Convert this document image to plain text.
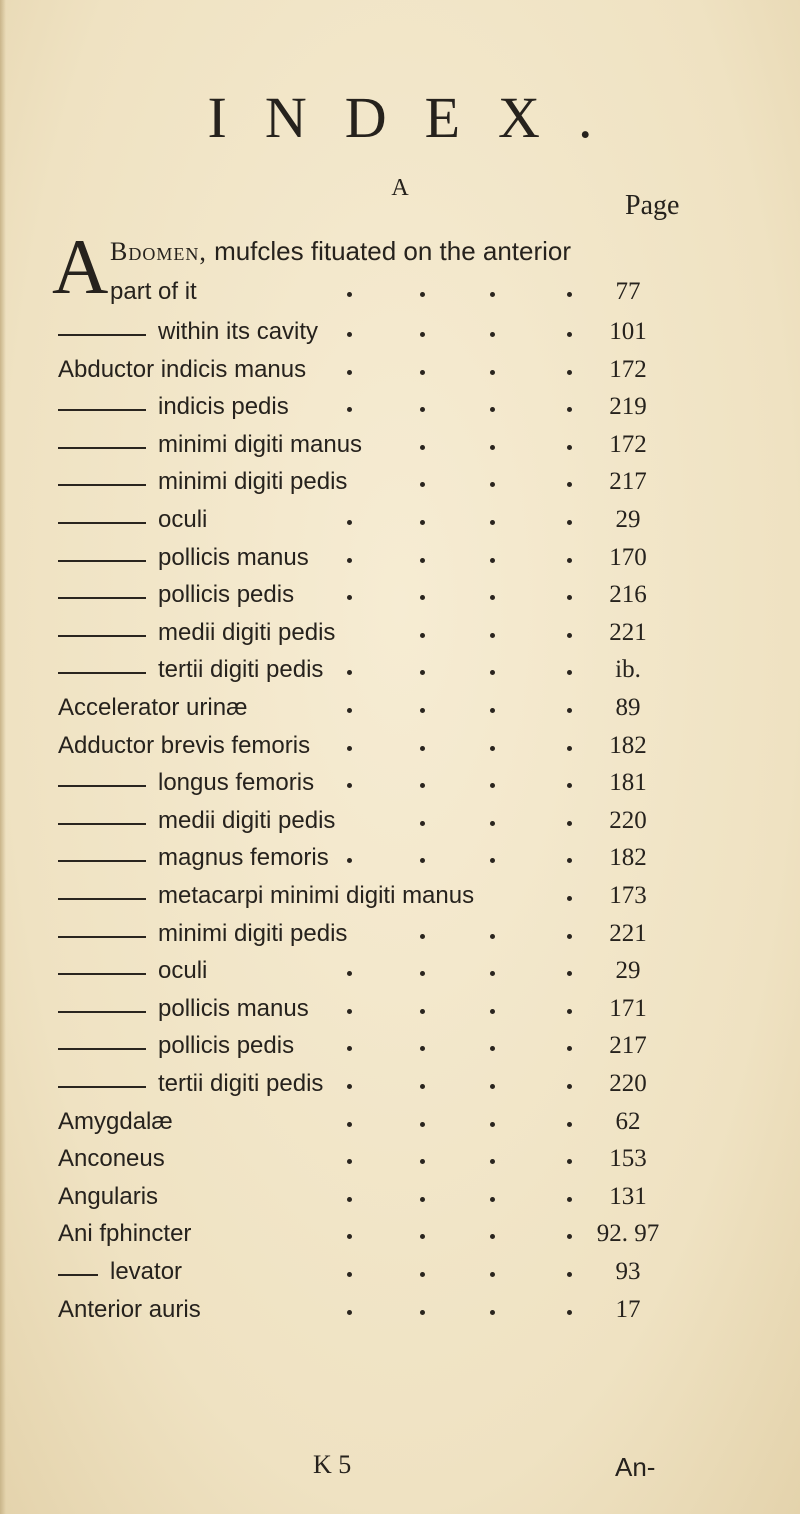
INDEX.
A
Page
A Bdomen, mufcles fituated on the anterior
part of it	77
within its cavity	101
Abductor indicis manus	172
indicis pedis	219
minimi digiti manus	172
minimi digiti pedis	217
oculi	29
pollicis manus	170
pollicis pedis	216
medii digiti pedis	221
tertii digiti pedis	ib.
Accelerator urinæ	89
Adductor brevis femoris	182
longus femoris	181
medii digiti pedis	220
magnus femoris	182
metacarpi minimi digiti manus	173
minimi digiti pedis	221
oculi	29
pollicis manus	171
pollicis pedis	217
tertii digiti pedis	220
Amygdalæ	62
Anconeus	153
Angularis	131
Ani fphincter	92. 97
levator	93
Anterior auris	17
K 5	An-
